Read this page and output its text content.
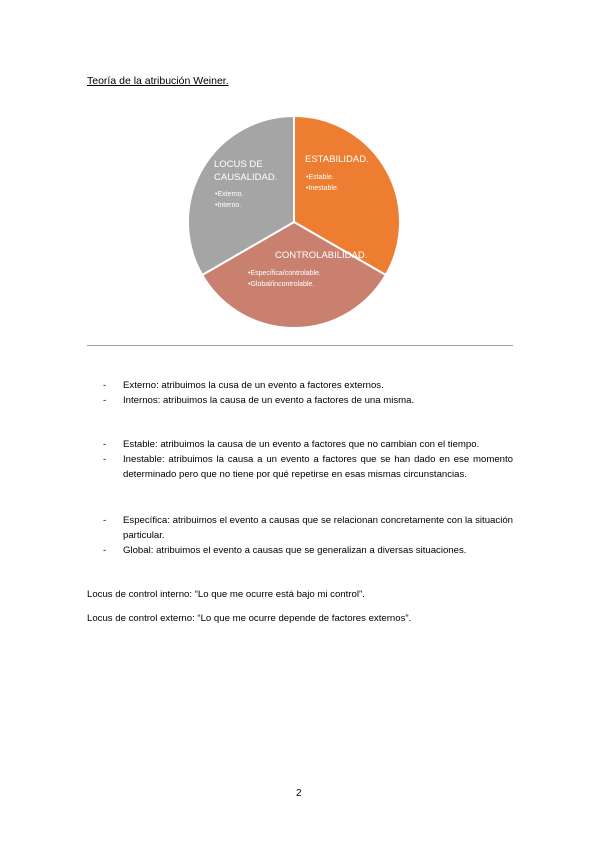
Teoría de la atribución Weiner.
ESTABILIDAD.
•Estable.
•Inestable.
CONTROLABILIDAD.
•Específica/controlable.
•Global/incontrolable.
LOCUS DE
CAUSALIDAD.
•Externo.
•Interno.
- Externo: atribuimos la cusa de un evento a factores externos.
- Internos: atribuimos la causa de un evento a factores de una misma.
- Estable: atribuimos la causa de un evento a factores que no cambian con el tiempo.
- Inestable: atribuimos la causa a un evento a factores que se han dado en ese momento determinado pero que no tiene por qué repetirse en esas mismas circunstancias.
- Específica: atribuimos el evento a causas que se relacionan concretamente con la situación particular.
- Global: atribuimos el evento a causas que se generalizan a diversas situaciones.
Locus de control interno: “Lo que me ocurre está bajo mi control”.
Locus de control externo: “Lo que me ocurre depende de factores externos”.
2
